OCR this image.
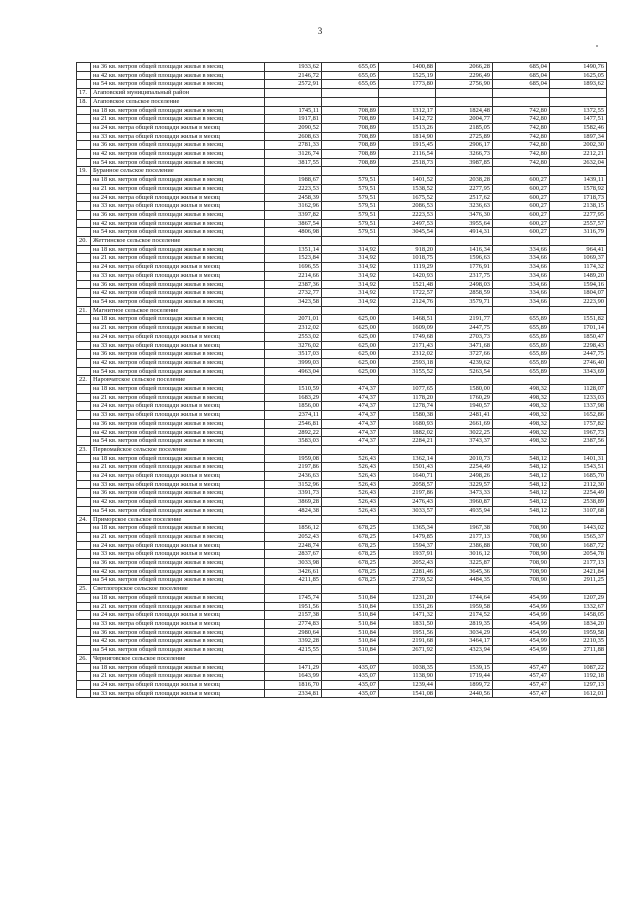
3
	на 36 кв. метров общей площади жилья в месяц	1933,62	655,05	1400,88	2066,28	685,04	1490,76
	на 42 кв. метров общей площади жилья в месяц	2146,72	655,05	1525,19	2296,49	685,04	1625,05
	на 54 кв. метров общей площади жилья в месяц	2572,91	655,05	1773,80	2756,90	685,04	1893,62
17.	Агаповский муниципальный район						
18.	Агаповское сельское поселение						
	на 18 кв. метров общей площади жилья в месяц	1745,11	708,89	1312,17	1824,48	742,80	1372,55
	на 21 кв. метров общей площади жилья в месяц	1917,81	708,89	1412,72	2004,77	742,80	1477,51
	на 24 кв. метра общей площади жилья в месяц	2090,52	708,89	1513,26	2185,05	742,80	1582,46
	на 33 кв. метра общей площади жилья в месяц	2608,63	708,89	1814,90	2725,89	742,80	1897,34
	на 36 кв. метров общей площади жилья в месяц	2781,33	708,89	1915,45	2906,17	742,80	2002,30
	на 42 кв. метров общей площади жилья в месяц	3126,74	708,89	2116,54	3266,73	742,80	2212,21
	на 54 кв. метров общей площади жилья в месяц	3817,55	708,89	2518,73	3987,85	742,80	2632,04
19.	Буранное сельское поселение						
	на 18 кв. метров общей площади жилья в месяц	1988,67	579,51	1401,52	2038,28	600,27	1439,11
	на 21 кв. метров общей площади жилья в месяц	2223,53	579,51	1538,52	2277,95	600,27	1578,92
	на 24 кв. метра общей площади жилья в месяц	2458,39	579,51	1675,52	2517,62	600,27	1718,73
	на 33 кв. метра общей площади жилья в месяц	3162,96	579,51	2086,53	3236,63	600,27	2138,15
	на 36 кв. метров общей площади жилья в месяц	3397,82	579,51	2223,53	3476,30	600,27	2277,95
	на 42 кв. метров общей площади жилья в месяц	3867,54	579,51	2497,53	3955,64	600,27	2557,57
	на 54 кв. метров общей площади жилья в месяц	4806,98	579,51	3045,54	4914,31	600,27	3116,79
20.	Жеттинское сельское поселение						
	на 18 кв. метров общей площади жилья в месяц	1351,14	314,92	918,20	1416,34	334,66	964,41
	на 21 кв. метров общей площади жилья в месяц	1523,84	314,92	1018,75	1596,63	334,66	1069,37
	на 24 кв. метра общей площади жилья в месяц	1696,55	314,92	1119,29	1776,91	334,66	1174,32
	на 33 кв. метра общей площади жилья в месяц	2214,66	314,92	1420,93	2317,75	334,66	1489,20
	на 36 кв. метров общей площади жилья в месяц	2387,36	314,92	1521,48	2498,03	334,66	1594,16
	на 42 кв. метров общей площади жилья в месяц	2732,77	314,92	1722,57	2858,59	334,66	1804,07
	на 54 кв. метров общей площади жилья в месяц	3423,58	314,92	2124,76	3579,71	334,66	2223,90
21.	Магнитное сельское поселение						
	на 18 кв. метров общей площади жилья в месяц	2071,01	625,00	1468,51	2191,77	655,89	1551,82
	на 21 кв. метров общей площади жилья в месяц	2312,02	625,00	1609,09	2447,75	655,89	1701,14
	на 24 кв. метра общей площади жилья в месяц	2553,02	625,00	1749,68	2703,73	655,89	1850,47
	на 33 кв. метра общей площади жилья в месяц	3276,02	625,00	2171,43	3471,68	655,89	2298,43
	на 36 кв. метров общей площади жилья в месяц	3517,03	625,00	2312,02	3727,66	655,89	2447,75
	на 42 кв. метров общей площади жилья в месяц	3999,03	625,00	2593,18	4239,62	655,89	2746,40
	на 54 кв. метров общей площади жилья в месяц	4963,04	625,00	3155,52	5263,54	655,89	3343,69
22.	Наровчатское сельское поселение						
	на 18 кв. метров общей площади жилья в месяц	1510,59	474,37	1077,65	1580,00	498,32	1128,07
	на 21 кв. метров общей площади жилья в месяц	1683,29	474,37	1178,20	1760,29	498,32	1233,03
	на 24 кв. метра общей площади жилья в месяц	1856,00	474,37	1278,74	1940,57	498,32	1337,98
	на 33 кв. метра общей площади жилья в месяц	2374,11	474,37	1580,38	2481,41	498,32	1652,86
	на 36 кв. метров общей площади жилья в месяц	2546,81	474,37	1680,93	2661,69	498,32	1757,82
	на 42 кв. метров общей площади жилья в месяц	2892,22	474,37	1882,02	3022,25	498,32	1967,73
	на 54 кв. метров общей площади жилья в месяц	3583,03	474,37	2284,21	3743,37	498,32	2387,56
23.	Первомайское сельское поселение						
	на 18 кв. метров общей площади жилья в месяц	1959,08	526,43	1362,14	2010,73	548,12	1401,31
	на 21 кв. метров общей площади жилья в месяц	2197,86	526,43	1501,43	2254,49	548,12	1543,51
	на 24 кв. метра общей площади жилья в месяц	2436,63	526,43	1640,71	2498,26	548,12	1685,70
	на 33 кв. метра общей площади жилья в месяц	3152,96	526,43	2058,57	3229,57	548,12	2112,30
	на 36 кв. метров общей площади жилья в месяц	3391,73	526,43	2197,86	3473,33	548,12	2254,49
	на 42 кв. метров общей площади жилья в месяц	3869,28	526,43	2476,43	3960,87	548,12	2538,89
	на 54 кв. метров общей площади жилья в месяц	4824,38	526,43	3033,57	4935,94	548,12	3107,68
24.	Приморское сельское поселение						
	на 18 кв. метров общей площади жилья в месяц	1856,12	678,25	1365,34	1967,38	708,90	1443,02
	на 21 кв. метров общей площади жилья в месяц	2052,43	678,25	1479,85	2177,13	708,90	1565,37
	на 24 кв. метра общей площади жилья в месяц	2248,74	678,25	1594,37	2386,88	708,90	1687,72
	на 33 кв. метра общей площади жилья в месяц	2837,67	678,25	1937,91	3016,12	708,90	2054,78
	на 36 кв. метров общей площади жилья в месяц	3033,98	678,25	2052,43	3225,87	708,90	2177,13
	на 42 кв. метров общей площади жилья в месяц	3426,61	678,25	2281,46	3645,36	708,90	2421,84
	на 54 кв. метров общей площади жилья в месяц	4211,85	678,25	2739,52	4484,35	708,90	2911,25
25.	Светлогорское сельское поселение						
	на 18 кв. метров общей площади жилья в месяц	1745,74	510,84	1231,20	1744,64	454,99	1207,29
	на 21 кв. метров общей площади жилья в месяц	1951,56	510,84	1351,26	1959,58	454,99	1332,67
	на 24 кв. метра общей площади жилья в месяц	2157,38	510,84	1471,32	2174,52	454,99	1458,05
	на 33 кв. метра общей площади жилья в месяц	2774,83	510,84	1831,50	2819,35	454,99	1834,20
	на 36 кв. метров общей площади жилья в месяц	2980,64	510,84	1951,56	3034,29	454,99	1959,58
	на 42 кв. метров общей площади жилья в месяц	3392,28	510,84	2191,68	3464,17	454,99	2210,35
	на 54 кв. метров общей площади жилья в месяц	4215,55	510,84	2671,92	4323,94	454,99	2711,88
26.	Черниговское сельское поселение						
	на 18 кв. метров общей площади жилья в месяц	1471,29	435,07	1038,35	1539,15	457,47	1087,22
	на 21 кв. метров общей площади жилья в месяц	1643,99	435,07	1138,90	1719,44	457,47	1192,18
	на 24 кв. метра общей площади жилья в месяц	1816,70	435,07	1239,44	1899,72	457,47	1297,13
	на 33 кв. метра общей площади жилья в месяц	2334,81	435,07	1541,08	2440,56	457,47	1612,01
